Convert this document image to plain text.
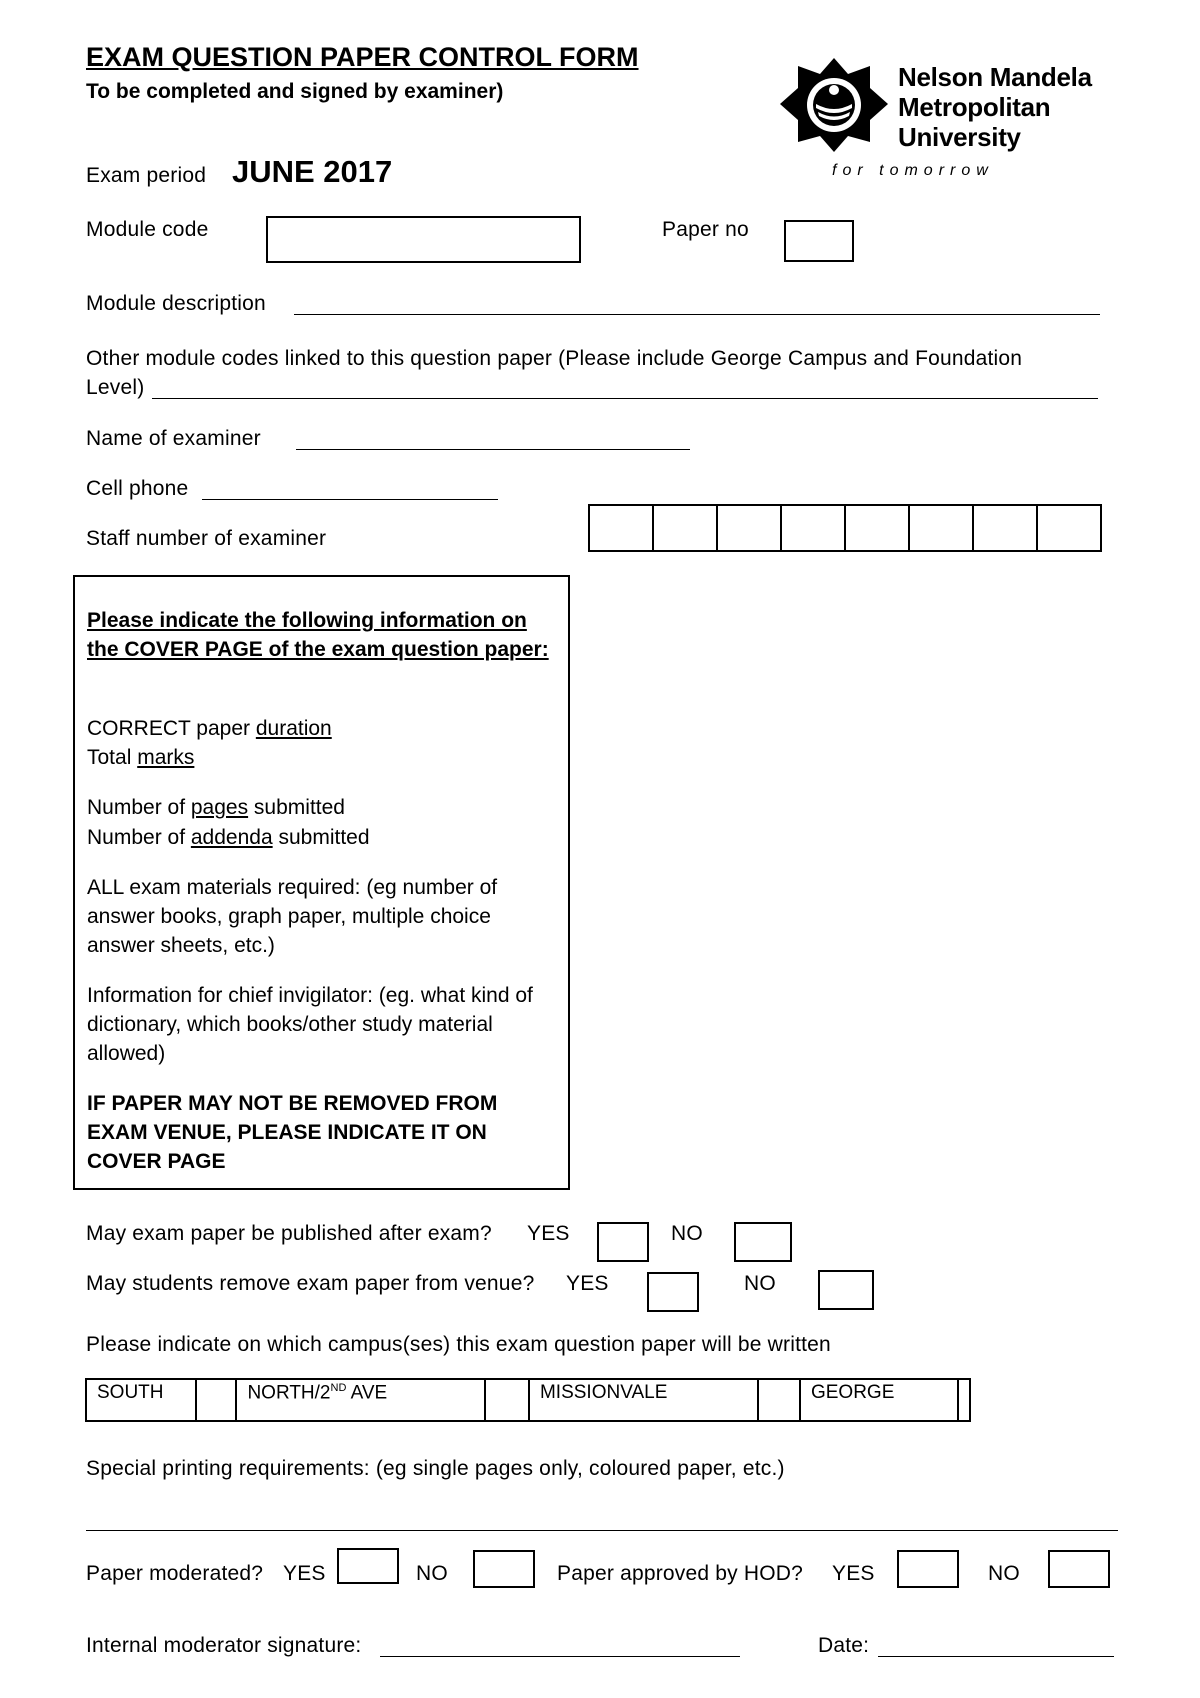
EXAM QUESTION PAPER CONTROL FORM
To be completed and signed by examiner)	Nelson Mandela
Metropolitan
University
for tomorrow
Exam period JUNE 2017
Module code	Paper no
Module description
Other module codes linked to this question paper (Please include George Campus and Foundation
Level)
Name of examiner
Cell phone
Staff number of examiner
Please indicate the following information on the COVER PAGE of the exam question paper:
CORRECT paper duration
Total marks
Number of pages submitted
Number of addenda submitted
ALL exam materials required: (eg number of answer books, graph paper, multiple choice answer sheets, etc.)
Information for chief invigilator: (eg. what kind of dictionary, which books/other study material allowed)
IF PAPER MAY NOT BE REMOVED FROM EXAM VENUE, PLEASE INDICATE IT ON COVER PAGE
May exam paper be published after exam? YES	NO
May students remove exam paper from venue? YES	NO
Please indicate on which campus(ses) this exam question paper will be written
SOUTH	NORTH/2ND AVE	MISSIONVALE	GEORGE
Special printing requirements: (eg single pages only, coloured paper, etc.)
Paper moderated? YES	NO	Paper approved by HOD? YES	NO
Internal moderator signature:	Date:
